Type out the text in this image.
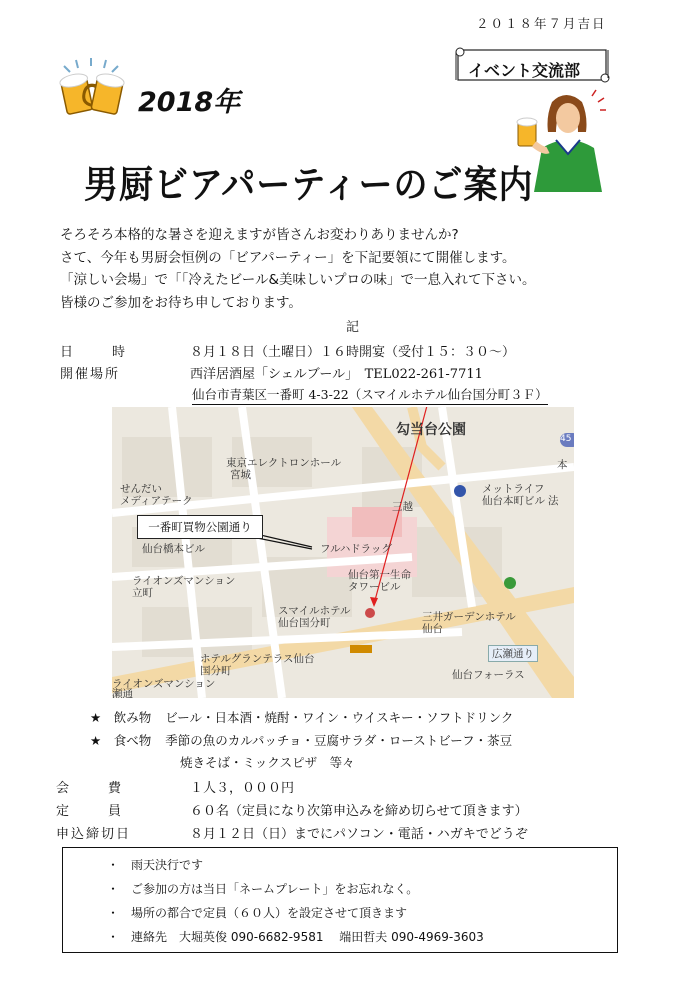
２０１８年７月吉日
イベント交流部
2018年
男厨ビアパーティーのご案内
そろそろ本格的な暑さを迎えますが皆さんお変わりありませんか?
さて、今年も男厨会恒例の「ビアパーティー」を下記要領にて開催します。
「涼しい会場」で「「冷えたビール&美味しいプロの味」で一息入れて下さい。
皆様のご参加をお待ち申しております。
記
日　　　時	８月１８日（土曜日）１６時開宴（受付１５：３０〜）
開催場所	西洋居酒屋「シェルブール」　TEL022-261-7711
仙台市青葉区一番町 4-3-22（スマイルホテル仙台国分町３Ｆ）
勾当台公園
45
本
東京エレクトロンホール
宮城
せんだい
メディアテーク	三越	法
メットライフ
仙台本町ビル
仙台橋本ビル	フルハドラッグ
ライオンズマンション
立町
仙台第一生命
タワービル
スマイルホテル
仙台国分町	三井ガーデンホテル
仙台
ホテルグランテラス仙台国分町
ライオンズマンション
瀬通
広瀬通り
仙台フォーラス
一番町買物公園通り
★　飲み物 ビール・日本酒・焼酎・ワイン・ウイスキー・ソフトドリンク
★　食べ物 季節の魚のカルパッチョ・豆腐サラダ・ローストビーフ・茶豆
焼きそば・ミックスピザ　等々
会　　　費	１人３，０００円
定　　　員	６０名（定員になり次第申込みを締め切らせて頂きます）
申込締切日	８月１２日（日）までにパソコン・電話・ハガキでどうぞ
・　雨天決行です
・　ご参加の方は当日「ネームプレート」をお忘れなく。
・　場所の都合で定員（６０人）を設定させて頂きます
・　連絡先　大堀英俊 090-6682-9581　 端田哲夫 090-4969-3603
